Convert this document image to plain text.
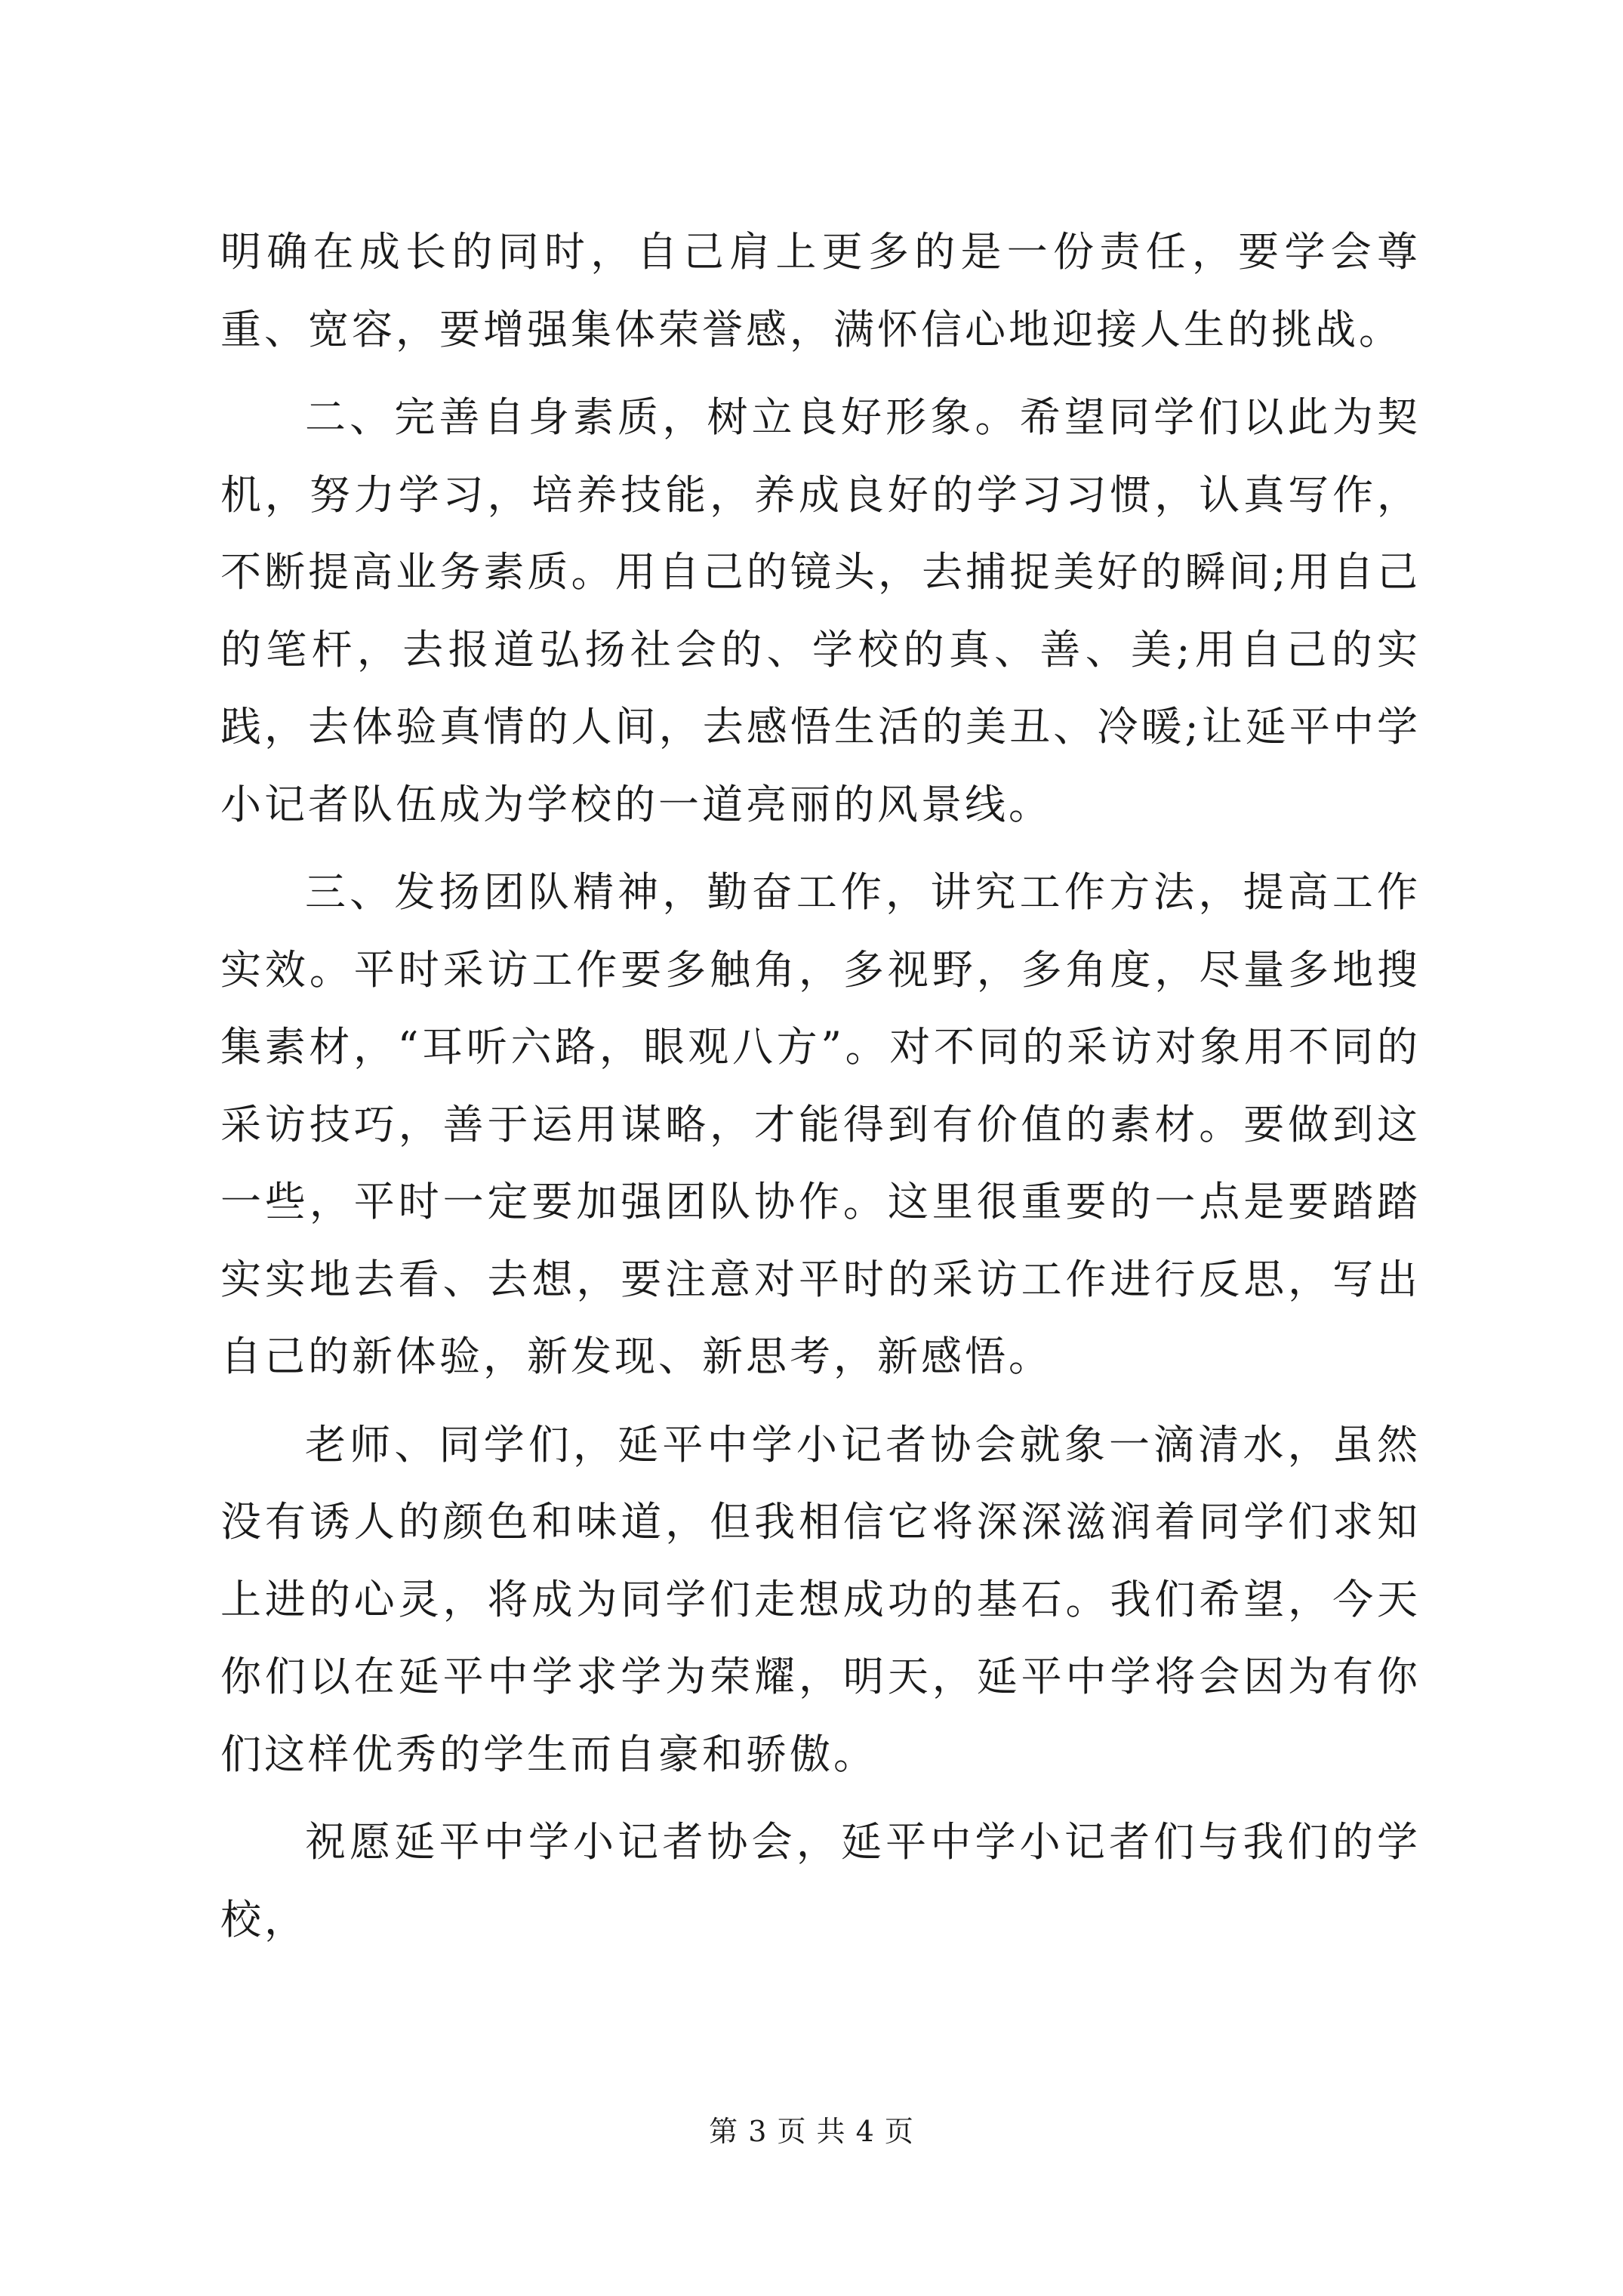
明确在成长的同时，自己肩上更多的是一份责任，要学会尊重、宽容，要增强集体荣誉感，满怀信心地迎接人生的挑战。

二、完善自身素质，树立良好形象。希望同学们以此为契机，努力学习，培养技能，养成良好的学习习惯，认真写作，不断提高业务素质。用自己的镜头，去捕捉美好的瞬间;用自己的笔杆，去报道弘扬社会的、学校的真、善、美;用自己的实践，去体验真情的人间，去感悟生活的美丑、冷暖;让延平中学小记者队伍成为学校的一道亮丽的风景线。

三、发扬团队精神，勤奋工作，讲究工作方法，提高工作实效。平时采访工作要多触角，多视野，多角度，尽量多地搜集素材，“耳听六路，眼观八方”。对不同的采访对象用不同的采访技巧，善于运用谋略，才能得到有价值的素材。要做到这一些，平时一定要加强团队协作。这里很重要的一点是要踏踏实实地去看、去想，要注意对平时的采访工作进行反思，写出自己的新体验，新发现、新思考，新感悟。

老师、同学们，延平中学小记者协会就象一滴清水，虽然没有诱人的颜色和味道，但我相信它将深深滋润着同学们求知上进的心灵，将成为同学们走想成功的基石。我们希望，今天你们以在延平中学求学为荣耀，明天，延平中学将会因为有你们这样优秀的学生而自豪和骄傲。

祝愿延平中学小记者协会，延平中学小记者们与我们的学校，

第 3 页 共 4 页
